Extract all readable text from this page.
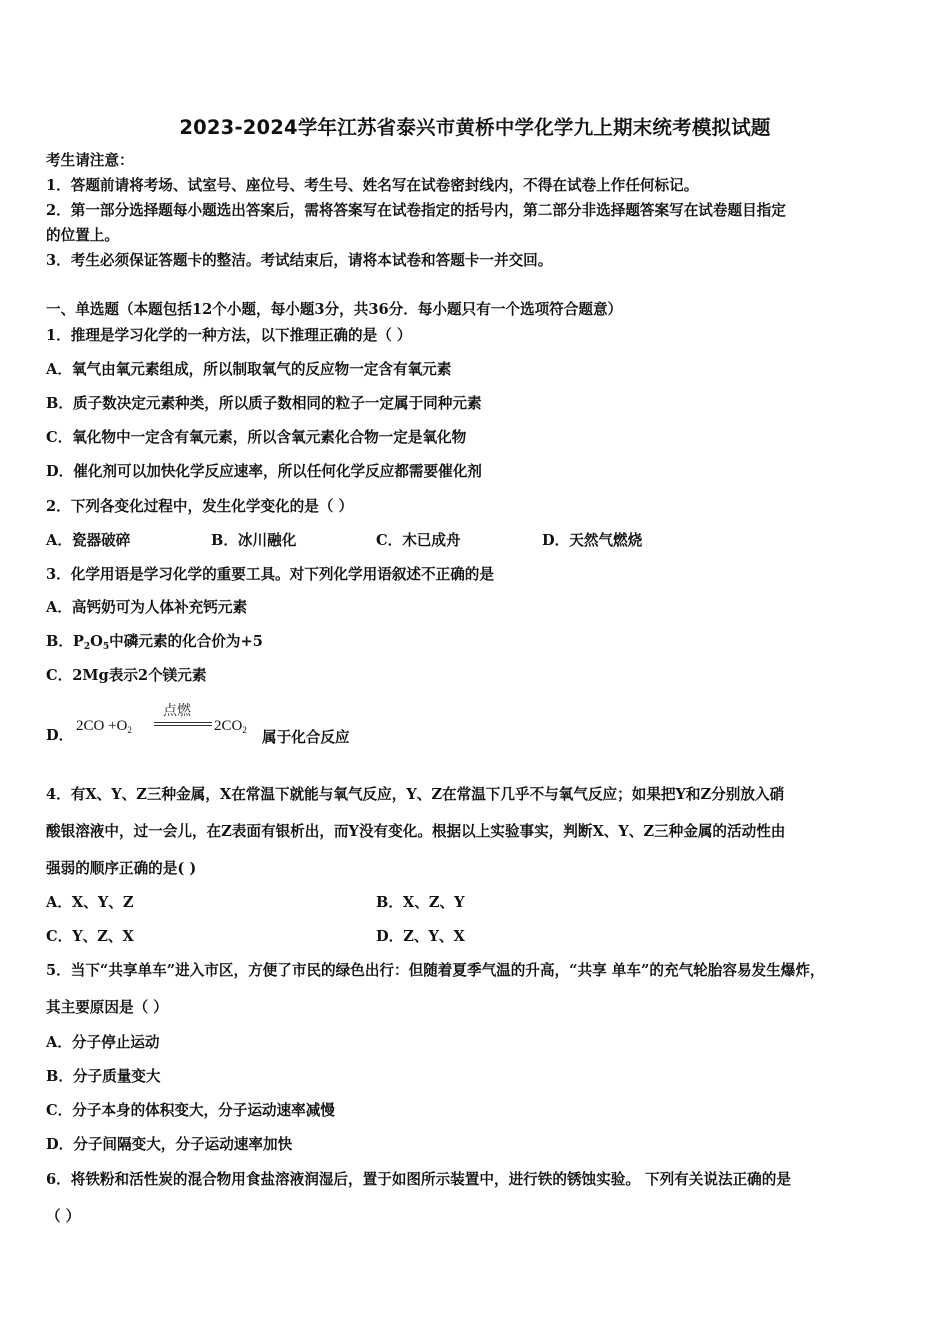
2023-2024学年江苏省泰兴市黄桥中学化学九上期末统考模拟试题
考生请注意：
1．答题前请将考场、试室号、座位号、考生号、姓名写在试卷密封线内，不得在试卷上作任何标记。
2．第一部分选择题每小题选出答案后，需将答案写在试卷指定的括号内，第二部分非选择题答案写在试卷题目指定
的位置上。
3．考生必须保证答题卡的整洁。考试结束后，请将本试卷和答题卡一并交回。
一、单选题（本题包括12个小题，每小题3分，共36分．每小题只有一个选项符合题意）
1．推理是学习化学的一种方法，以下推理正确的是（ ）
A．氧气由氧元素组成，所以制取氧气的反应物一定含有氧元素
B．质子数决定元素种类，所以质子数相同的粒子一定属于同种元素
C．氧化物中一定含有氧元素，所以含氧元素化合物一定是氧化物
D．催化剂可以加快化学反应速率，所以任何化学反应都需要催化剂
2．下列各变化过程中，发生化学变化的是（ ）
A．瓷器破碎	B．冰川融化	C．木已成舟	D．天然气燃烧
3．化学用语是学习化学的重要工具。对下列化学用语叙述不正确的是
A．高钙奶可为人体补充钙元素
B．$P_2O_5$中磷元素的化合价为+5
C．2Mg表示2个镁元素
D．
$2CO +O_2$
点燃
$2CO_2$ 属于化合反应
4．有X、Y、Z三种金属，X在常温下就能与氧气反应，Y、Z在常温下几乎不与氧气反应；如果把Y和Z分别放入硝
酸银溶液中，过一会儿，在Z表面有银析出，而Y没有变化。根据以上实验事实，判断X、Y、Z三种金属的活动性由
强弱的顺序正确的是( )
A．X、Y、Z	B．X、Z、Y
C．Y、Z、X	D．Z、Y、X
5．当下“共享单车”进入市区，方便了市民的绿色出行：但随着夏季气温的升高，“共享 单车”的充气轮胎容易发生爆炸，
其主要原因是（ ）
A．分子停止运动
B．分子质量变大
C．分子本身的体积变大，分子运动速率减慢
D．分子间隔变大，分子运动速率加快
6．将铁粉和活性炭的混合物用食盐溶液润湿后，置于如图所示装置中，进行铁的锈蚀实验。 下列有关说法正确的是
（ ）
